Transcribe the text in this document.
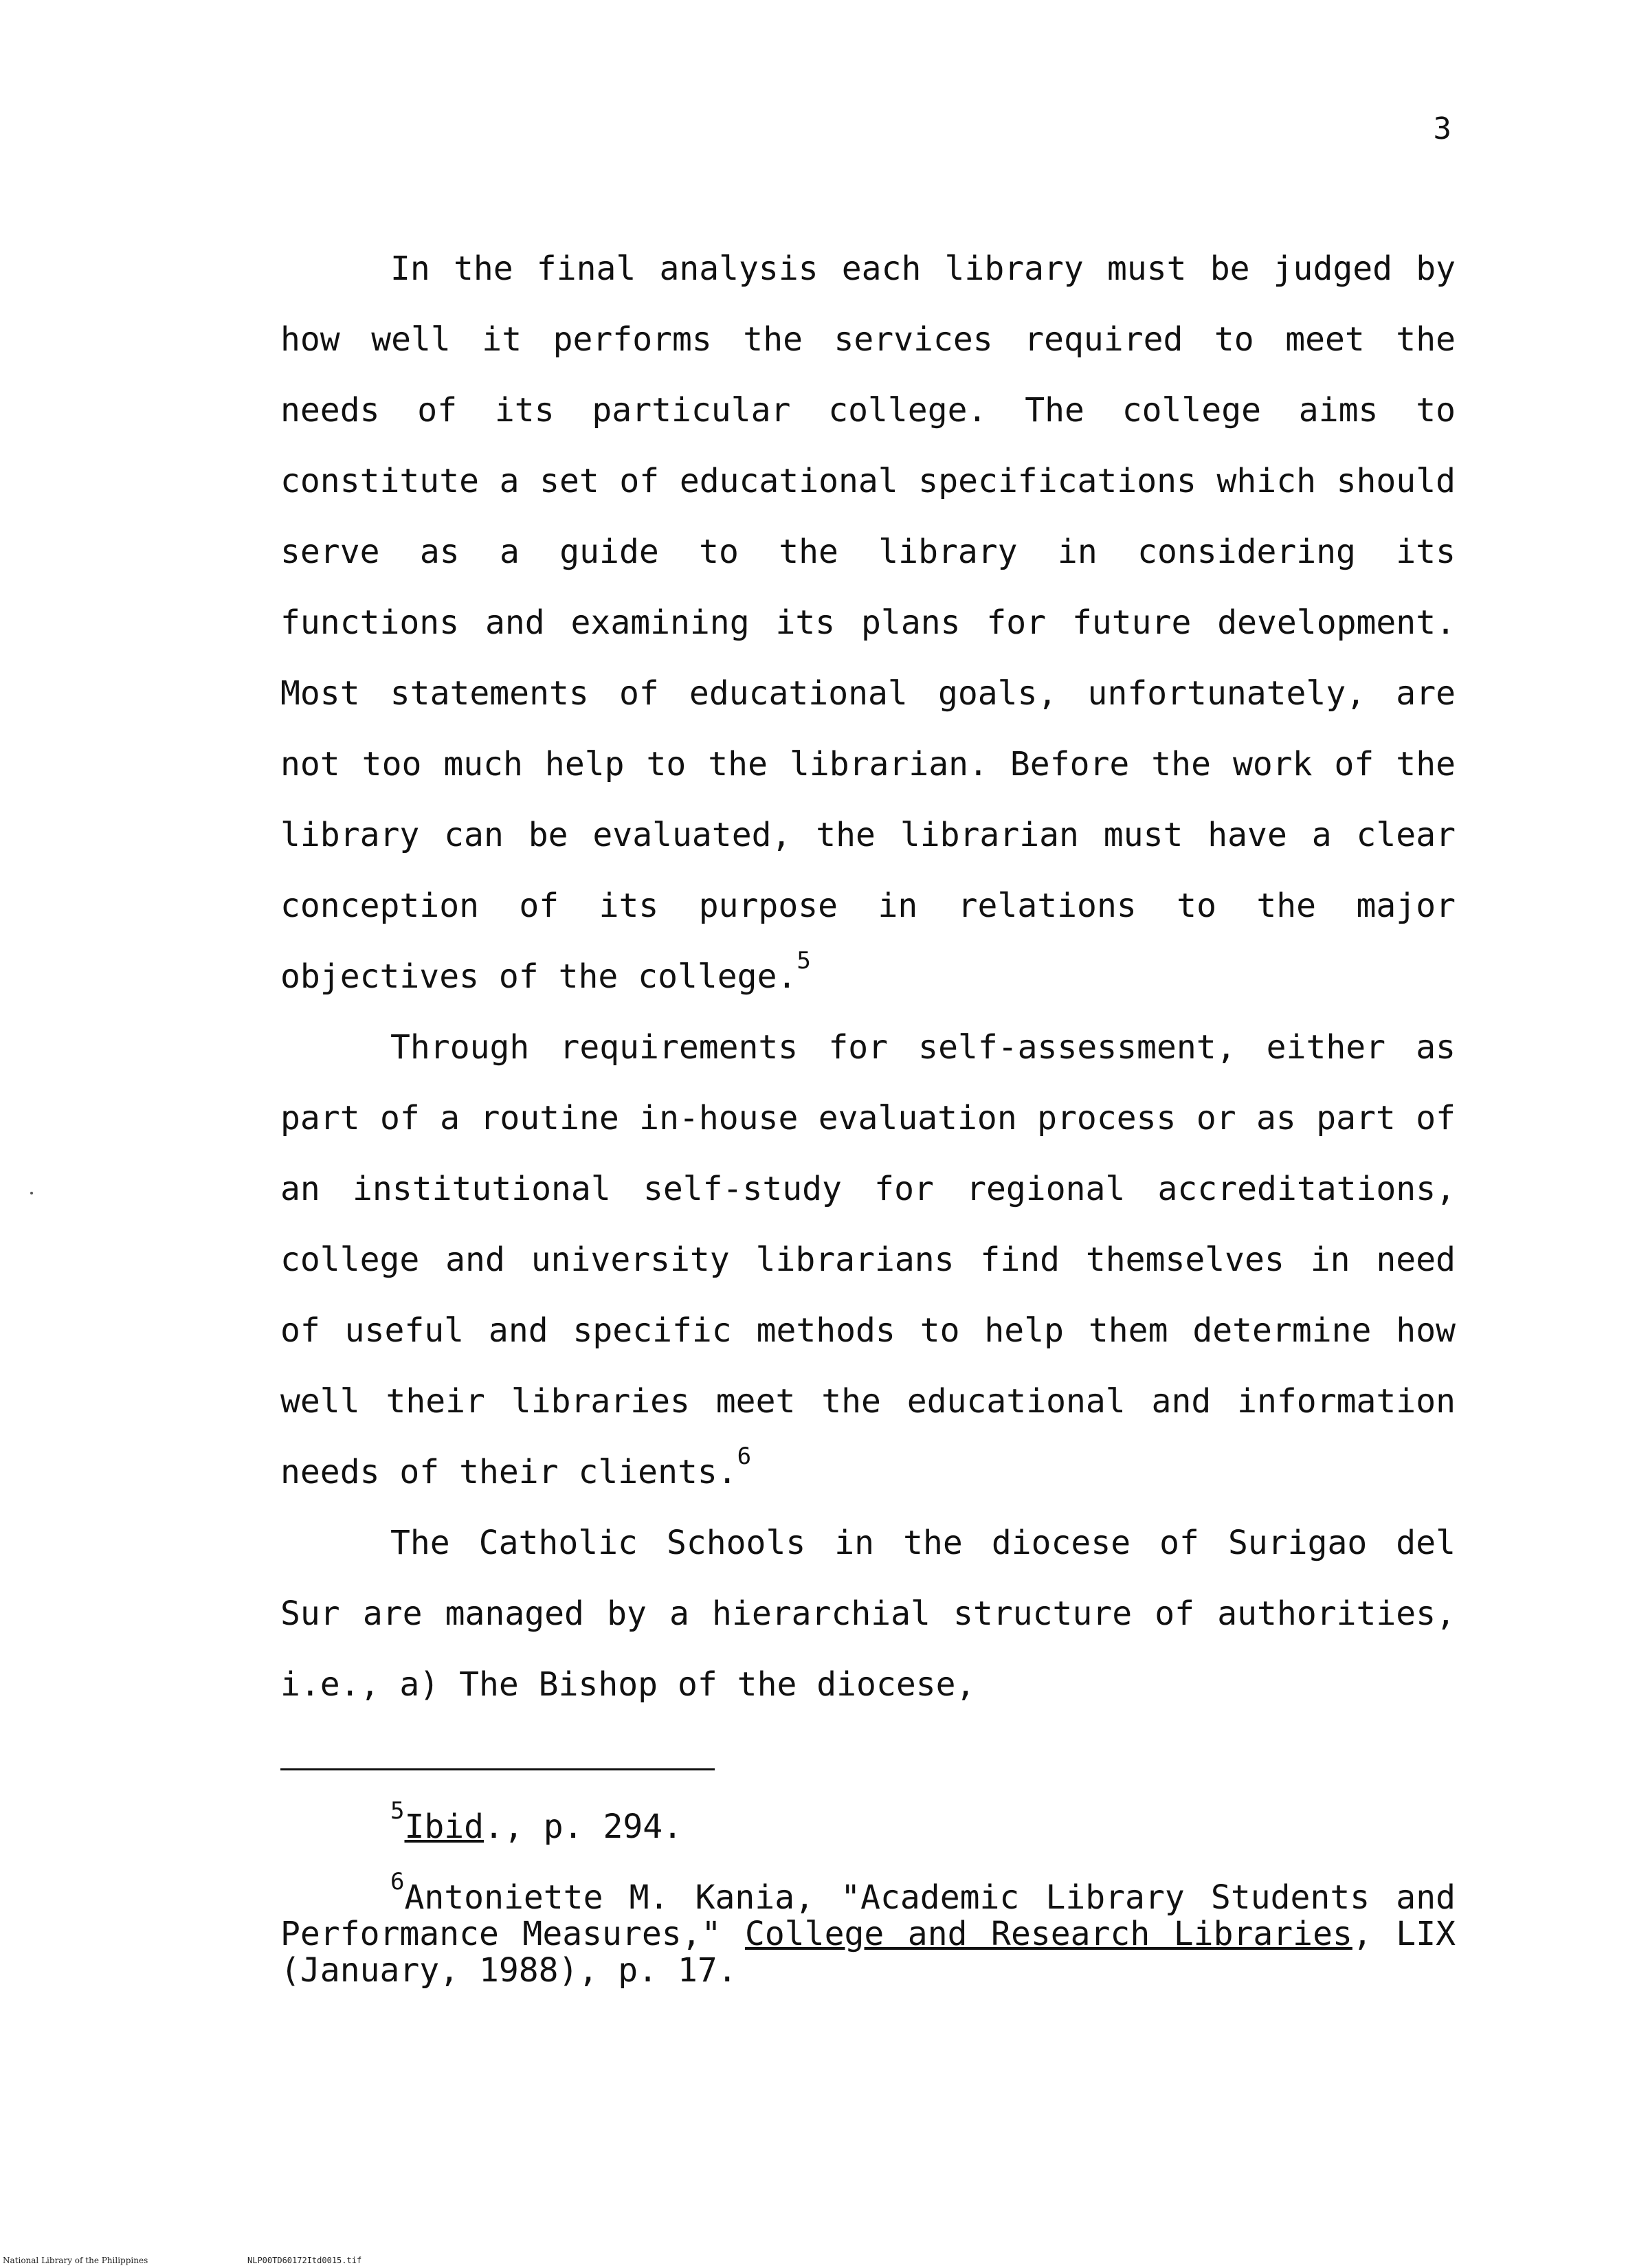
3

In the final analysis each library must be judged by how well it performs the services required to meet the needs of its particular college. The college aims to constitute a set of educational specifications which should serve as a guide to the library in considering its functions and examining its plans for future development. Most statements of educational goals, unfortunately, are not too much help to the librarian. Before the work of the library can be evaluated, the librarian must have a clear conception of its purpose in relations to the major objectives of the college.$^5$

Through requirements for self-assessment, either as part of a routine in-house evaluation process or as part of an institutional self-study for regional accreditations, college and university librarians find themselves in need of useful and specific methods to help them determine how well their libraries meet the educational and information needs of their clients.$^6$

The Catholic Schools in the diocese of Surigao del Sur are managed by a hierarchial structure of authorities, i.e., a) The Bishop of the diocese,

$^5$Ibid., p. 294.

$^6$Antoniette M. Kania, "Academic Library Students and Performance Measures," College and Research Libraries, LIX (January, 1988), p. 17.

National Library of the Philippines	NLP00TD60172Itd0015.tif
